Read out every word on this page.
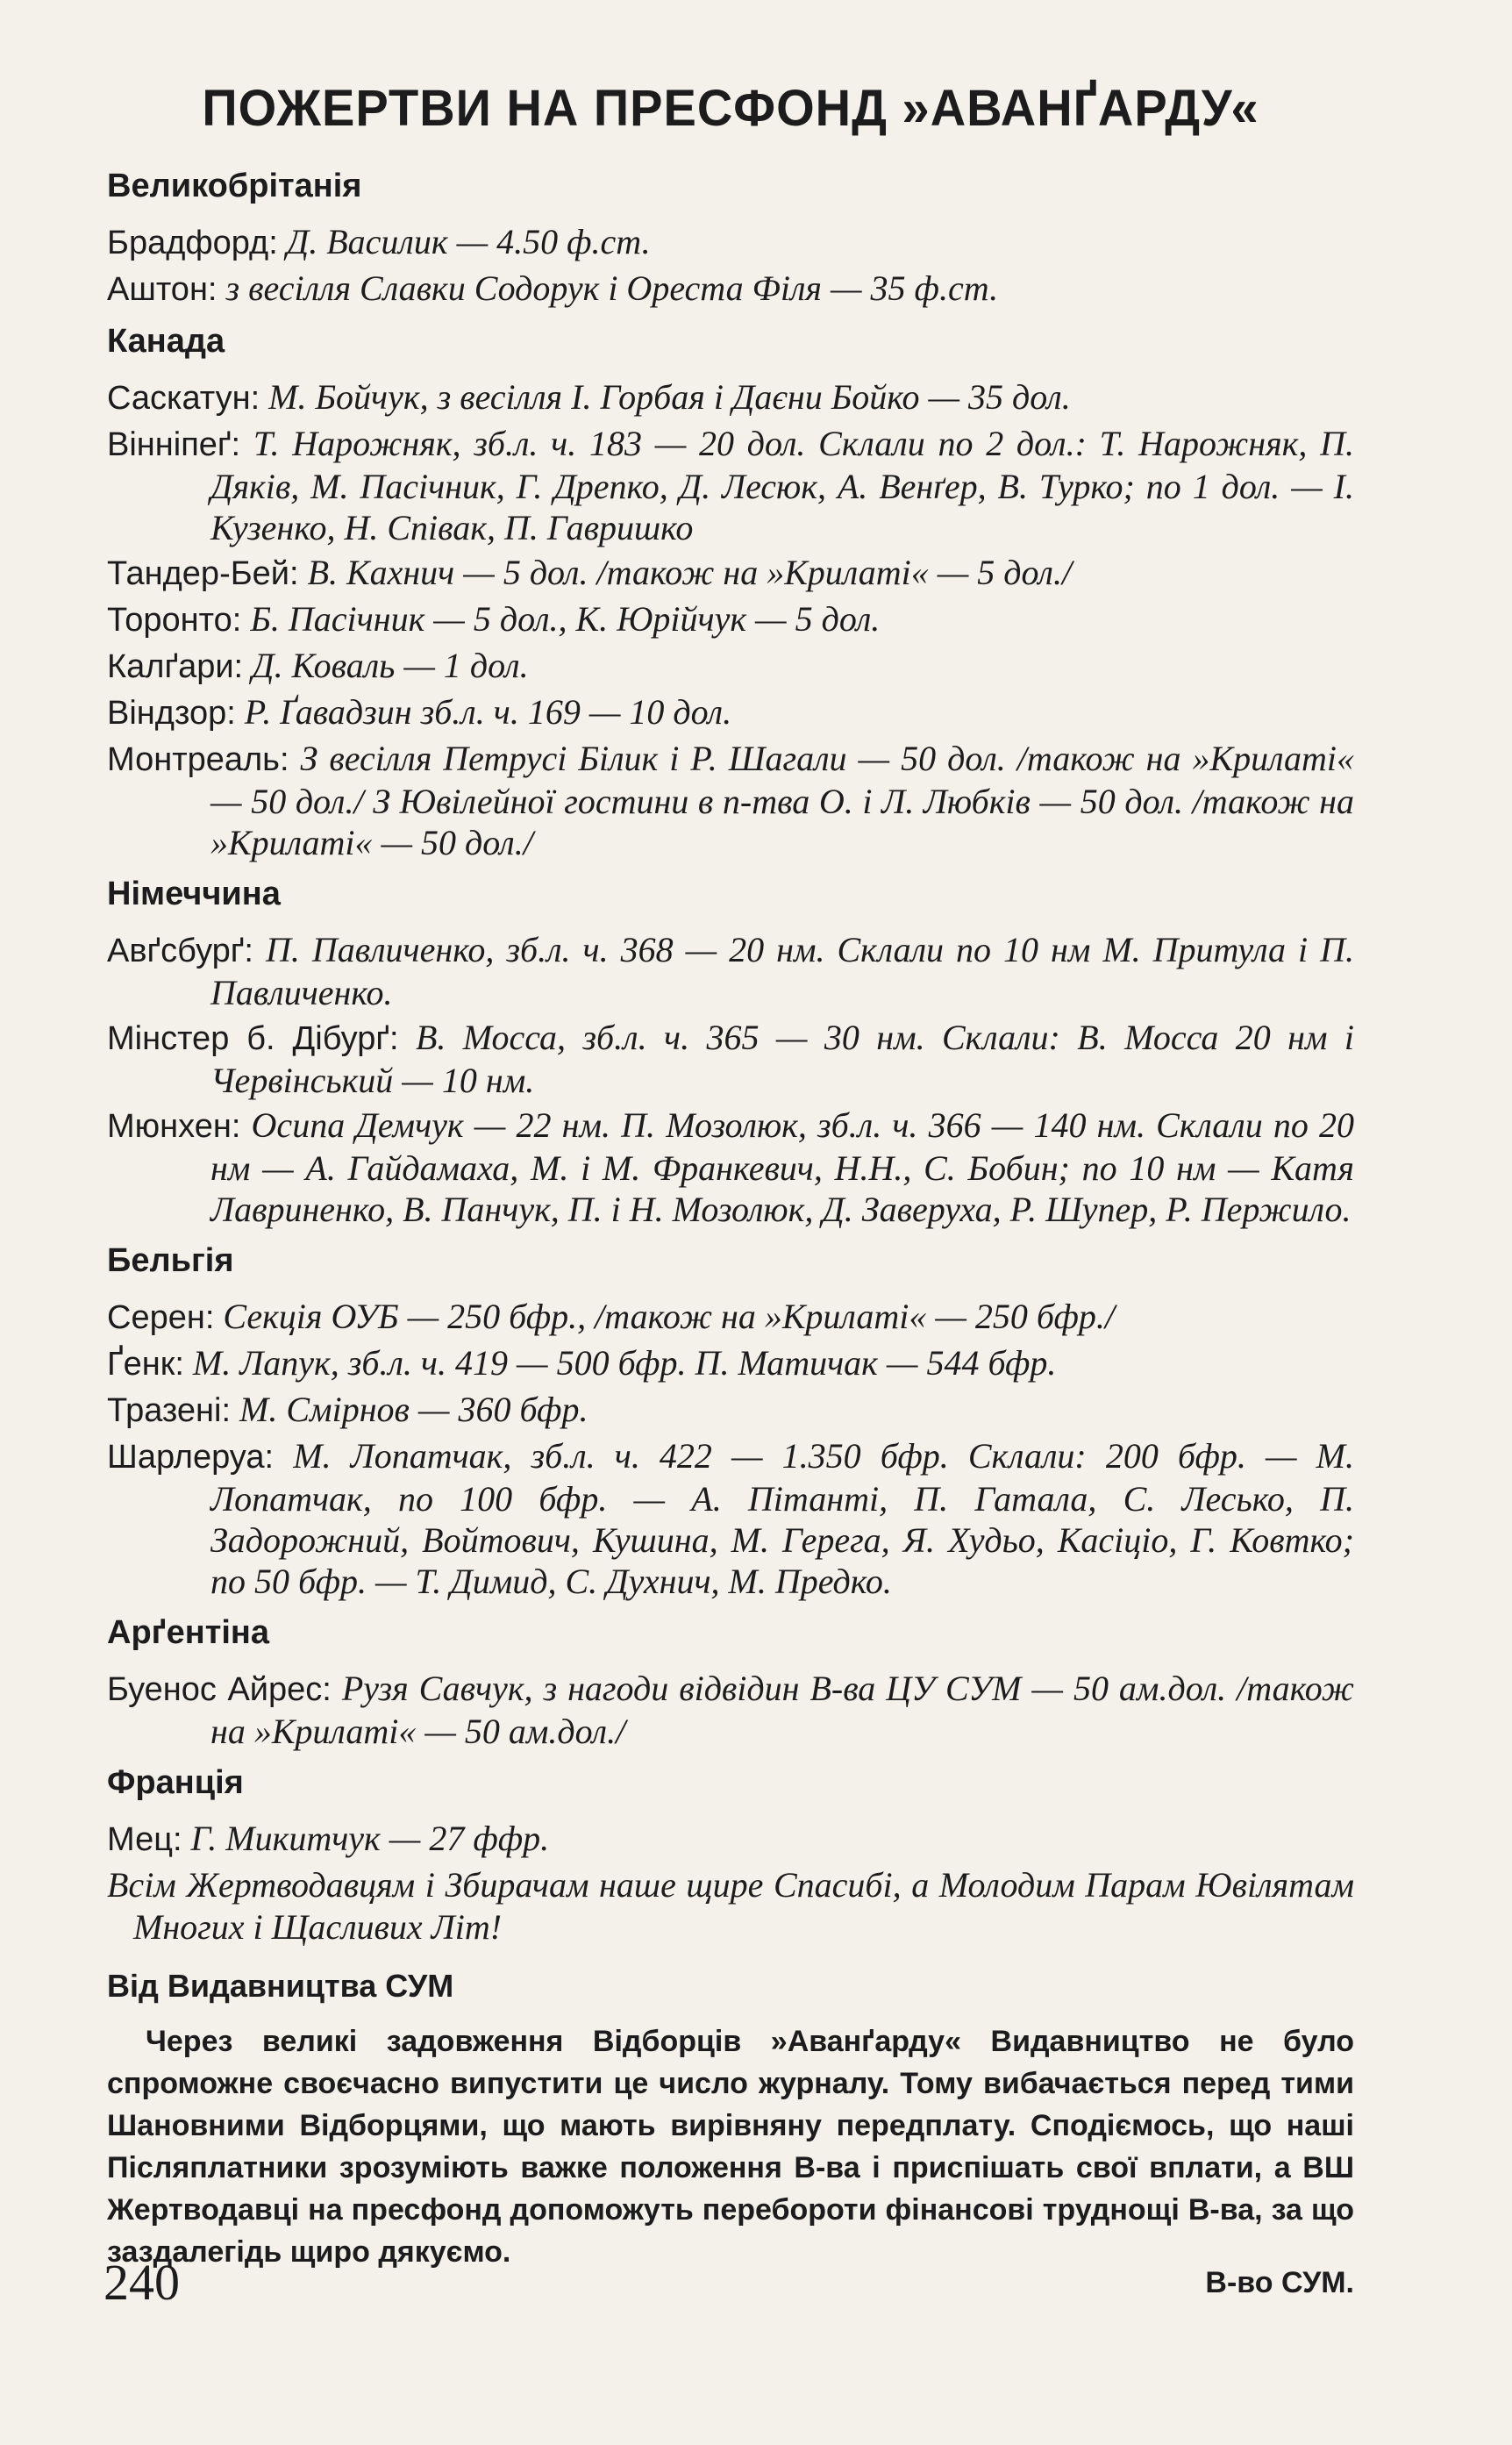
ПОЖЕРТВИ НА ПРЕСФОНД »АВАНҐАРДУ«
Великобрітанія

Брадфорд: Д. Василик — 4.50 ф.ст.

Aштон: з весілля Славки Содорук і Ореста Філя — 35 ф.ст.

Канада

Саскатун: М. Бойчук, з весілля І. Горбая і Даєни Бойко — 35 дол.

Вінніпеґ: Т. Нарожняк, зб.л. ч. 183 — 20 дол. Склали по 2 дол.: Т. Нарожняк, П. Дяків, М. Пасічник, Г. Дрепко, Д. Лесюк, А. Венґер, В. Турко; по 1 дол. — І. Кузенко, Н. Співак, П. Гавришко

Тандер-Бей: В. Кахнич — 5 дол. /також на »Крилаті« — 5 дол./

Торонто: Б. Пасічник — 5 дол., К. Юрійчук — 5 дол.

Калґари: Д. Коваль — 1 дол.

Віндзор: Р. Ґавадзин зб.л. ч. 169 — 10 дол.

Монтреаль: З весілля Петрусі Білик і Р. Шагали — 50 дол. /також на »Крилаті« — 50 дол./ З Ювілейної гостини в п-тва О. і Л. Любків — 50 дол. /також на »Крилаті« — 50 дол./

Німеччина

Авґсбурґ: П. Павличенко, зб.л. ч. 368 — 20 нм. Склали по 10 нм М. Притула і П. Павличенко.

Мінстер б. Дібурґ: В. Мосса, зб.л. ч. 365 — 30 нм. Склали: В. Мосса 20 нм і Червінський — 10 нм.

Мюнхен: Осипа Демчук — 22 нм. П. Мозолюк, зб.л. ч. 366 — 140 нм. Склали по 20 нм — А. Гайдамаха, М. і М. Франкевич, Н.Н., С. Бобин; по 10 нм — Катя Лавриненко, В. Панчук, П. і Н. Мозолюк, Д. Заверуха, Р. Шупер, Р. Пержило.

Бельгія

Серен: Секція ОУБ — 250 бфр., /також на »Крилаті« — 250 бфр./

Ґенк: М. Лапук, зб.л. ч. 419 — 500 бфр. П. Матичак — 544 бфр.

Тразені: М. Смірнов — 360 бфр.

Шарлеруа: М. Лопатчак, зб.л. ч. 422 — 1.350 бфр. Склали: 200 бфр. — М. Лопатчак, по 100 бфр. — А. Пітанті, П. Гатала, С. Лесько, П. Задорожний, Войтович, Кушина, М. Герега, Я. Худьо, Касіціо, Г. Ковтко; по 50 бфр. — Т. Димид, С. Духнич, М. Предко.

Арґентіна

Буенос Айрес: Рузя Савчук, з нагоди відвідин В-ва ЦУ СУМ — 50 ам.дол. /також на »Крилаті« — 50 ам.дол./

Франція

Мец: Г. Микитчук — 27 ффр.

Всім Жертводавцям і Збирачам наше щире Спасибі, а Молодим Парам Ювілятам Многих і Щасливих Літ!

Від Видавництва СУМ

Через великі задовження Відборців »Аванґарду« Видавництво не було спроможне своєчасно випустити це число журналу. Тому вибачається перед тими Шановними Відборцями, що мають вирівняну передплату. Сподіємось, що наші Післяплатники зрозуміють важке положення В-ва і приспішать свої вплати, а ВШ Жертводавці на пресфонд допоможуть перебороти фінансові труднощі В-ва, за що заздалегідь щиро дякуємо.

В-во СУМ.

240
